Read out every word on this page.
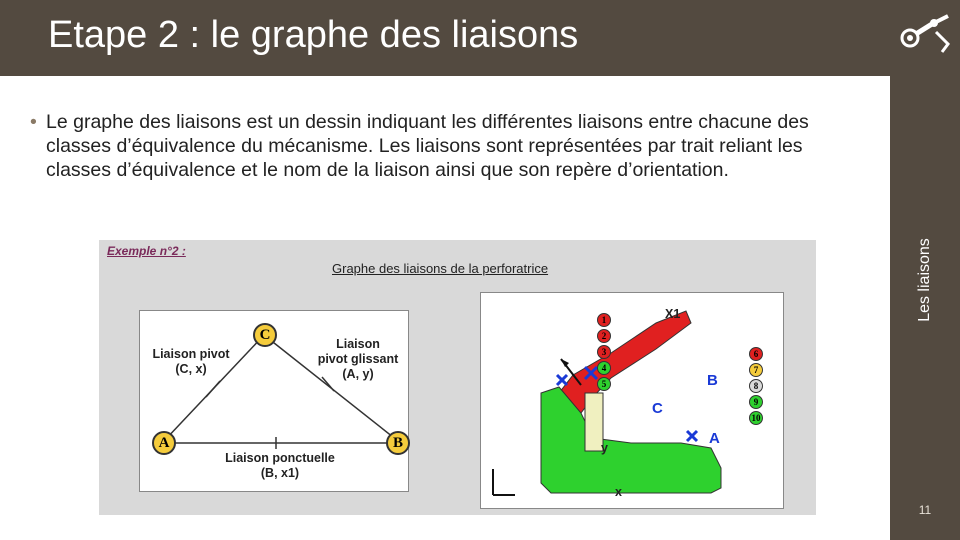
Etape 2 : le graphe des liaisons
Les liaisons
11
• Le graphe des liaisons est un dessin indiquant les différentes liaisons entre chacune des classes d’équivalence du mécanisme. Les liaisons sont représentées par trait reliant les classes d’équivalence et le nom de la liaison ainsi que son repère d’orientation.

Exemple n°2 :
Graphe des liaisons de la perforatrice
C
A	B
Liaison pivot
(C, x)
Liaison
pivot glissant
(A, y)
Liaison ponctuelle
(B, x1)
X1
B
C
A
y
x
1
2
3
4
5
6
7
8
9
10
